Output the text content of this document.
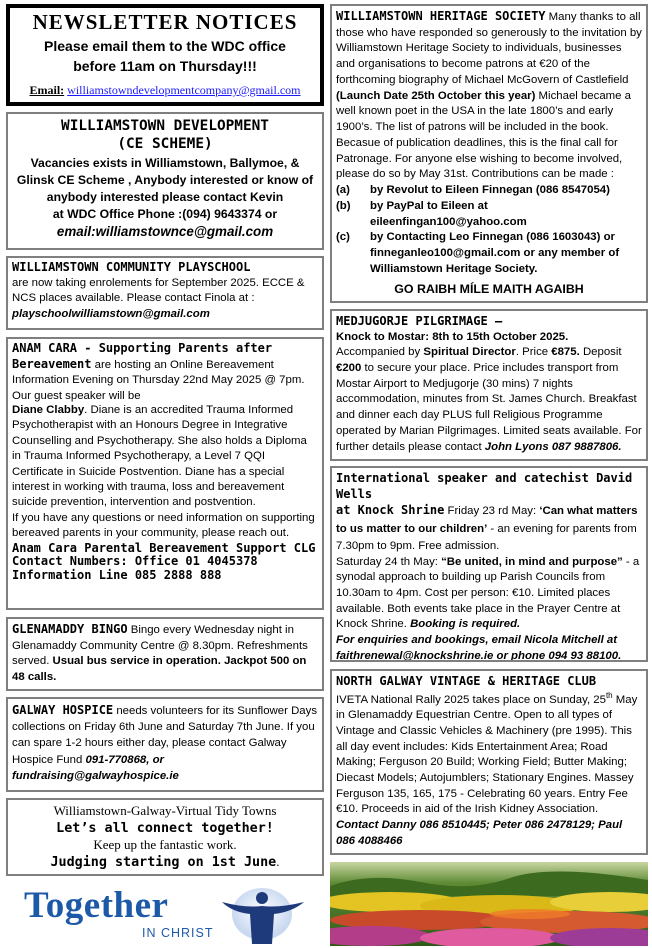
NEWSLETTER NOTICES
Please email them to the WDC office
before 11am on Thursday!!!
Email: williamstowndevelopmentcompany@gmail.com
WILLIAMSTOWN DEVELOPMENT
(CE SCHEME)
Vacancies exists in Williamstown, Ballymoe, &
Glinsk CE Scheme , Anybody interested or know of
anybody interested please contact Kevin
at WDC Office Phone :(094) 9643374 or
email:williamstownce@gmail.com
WILLIAMSTOWN COMMUNITY PLAYSCHOOL

are now taking enrolements for September 2025. ECCE & NCS places available. Please contact Finola at :

playschoolwilliamstown@gmail.com

ANAM CARA - Supporting Parents after
Bereavement are hosting an Online Bereavement Information Evening on Thursday 22nd May 2025 @ 7pm. Our guest speaker will be

Diane Clabby. Diane is an accredited Trauma Informed Psychotherapist with an Honours Degree in Integrative Counselling and Psychotherapy. She also holds a Diploma in Trauma Informed Psychotherapy, a Level 7 QQI Certificate in Suicide Postvention. Diane has a special interest in working with trauma, loss and bereavement suicide prevention, intervention and postvention.

If you have any questions or need information on supporting bereaved parents in your community, please reach out.

Anam Cara Parental Bereavement Support CLG
Contact Numbers: Office 01 4045378
Information Line 085 2888 888

GLENAMADDY BINGO Bingo every Wednesday night in Glenamaddy Community Centre @ 8.30pm. Refreshments served. Usual bus service in operation. Jackpot 500 on 48 calls.

GALWAY HOSPICE needs volunteers for its Sunflower Days collections on Friday 6th June and Saturday 7th June. If you can spare 1-2 hours either day, please contact Galway Hospice Fund 091-770868, or fundraising@galwayhospice.ie

Williamstown-Galway-Virtual Tidy Towns
Let’s all connect together!
Keep up the fantastic work.
Judging starting on 1st June.
Together
IN CHRIST

WILLIAMSTOWN HERITAGE SOCIETY Many thanks to all those who have responded so generously to the invitation by Williamstown Heritage Society to individuals, businesses and organisations to become patrons at €20 of the forthcoming biography of Michael McGovern of Castlefield (Launch Date 25th October this year) Michael became a well known poet in the USA in the late 1800’s and early 1900’s. The list of patrons will be included in the book. Becasue of publication deadlines, this is the final call for Patronage. For anyone else wishing to become involved, please do so by May 31st. Contributions can be made :

(a)	by Revolut to Eileen Finnegan (086 8547054)
(b)	by PayPal to Eileen at eileenfingan100@yahoo.com
(c)	by Contacting Leo Finnegan (086 1603043) or finneganleo100@gmail.com or any member of Williamstown Heritage Society.
GO RAIBH MÍLE MAITH AGAIBH
MEDJUGORJE PILGRIMAGE —

Knock to Mostar: 8th to 15th October 2025.

Accompanied by Spiritual Director. Price €875. Deposit €200 to secure your place. Price includes transport from Mostar Airport to Medjugorje (30 mins) 7 nights accommodation, minutes from St. James Church. Breakfast and dinner each day PLUS full Religious Programme operated by Marian Pilgrimages. Limited seats available. For further details please contact John Lyons 087 9887806.

International speaker and catechist David Wells
at Knock Shrine Friday 23 rd May: ‘Can what matters to us matter to our children’ - an evening for parents from 7.30pm to 9pm. Free admission.

Saturday 24 th May: “Be united, in mind and purpose” - a synodal approach to building up Parish Councils from 10.30am to 4pm. Cost per person: €10. Limited places available. Both events take place in the Prayer Centre at Knock Shrine. Booking is required.

For enquiries and bookings, email Nicola Mitchell at faithrenewal@knockshrine.ie or phone 094 93 88100.

NORTH GALWAY VINTAGE & HERITAGE CLUB

IVETA National Rally 2025 takes place on Sunday, 25th May in Glenamaddy Equestrian Centre. Open to all types of Vintage and Classic Vehicles & Machinery (pre 1995). This all day event includes: Kids Entertainment Area; Road Making; Ferguson 20 Build; Working Field; Butter Making; Diecast Models; Autojumblers; Stationary Engines. Massey Ferguson 135, 165, 175 - Celebrating 60 years. Entry Fee €10. Proceeds in aid of the Irish Kidney Association. Contact Danny 086 8510445; Peter 086 2478129; Paul 086 4088466
